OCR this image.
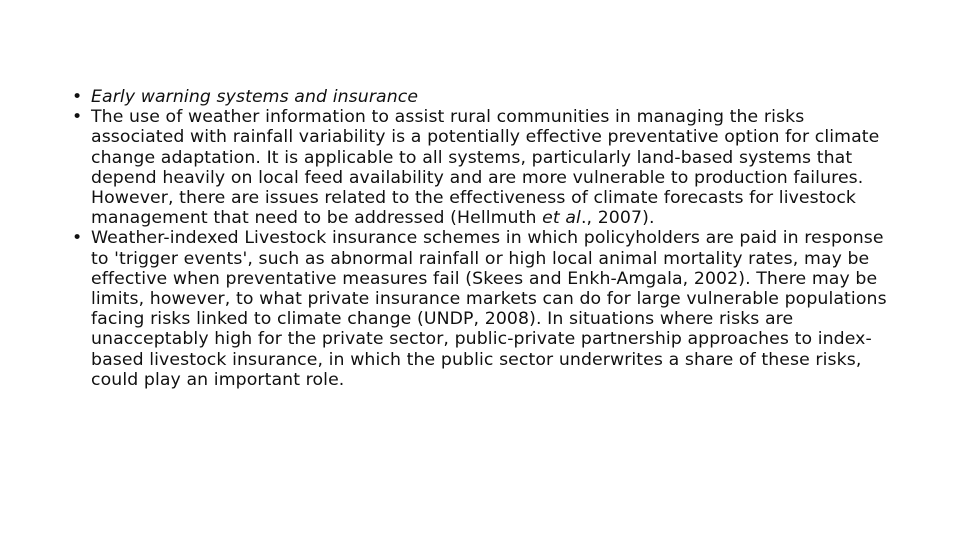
• Early warning systems and insurance
• The use of weather information to assist rural communities in managing the risks associated with rainfall variability is a potentially effective preventative option for climate change adaptation. It is applicable to all systems, particularly land-based systems that depend heavily on local feed availability and are more vulnerable to production failures. However, there are issues related to the effectiveness of climate forecasts for livestock management that need to be addressed (Hellmuth et al., 2007).
• Weather-indexed Livestock insurance schemes in which policyholders are paid in response to 'trigger events', such as abnormal rainfall or high local animal mortality rates, may be effective when preventative measures fail (Skees and Enkh-Amgala, 2002). There may be limits, however, to what private insurance markets can do for large vulnerable populations facing risks linked to climate change (UNDP, 2008). In situations where risks are unacceptably high for the private sector, public-private partnership approaches to index-based livestock insurance, in which the public sector underwrites a share of these risks, could play an important role.
